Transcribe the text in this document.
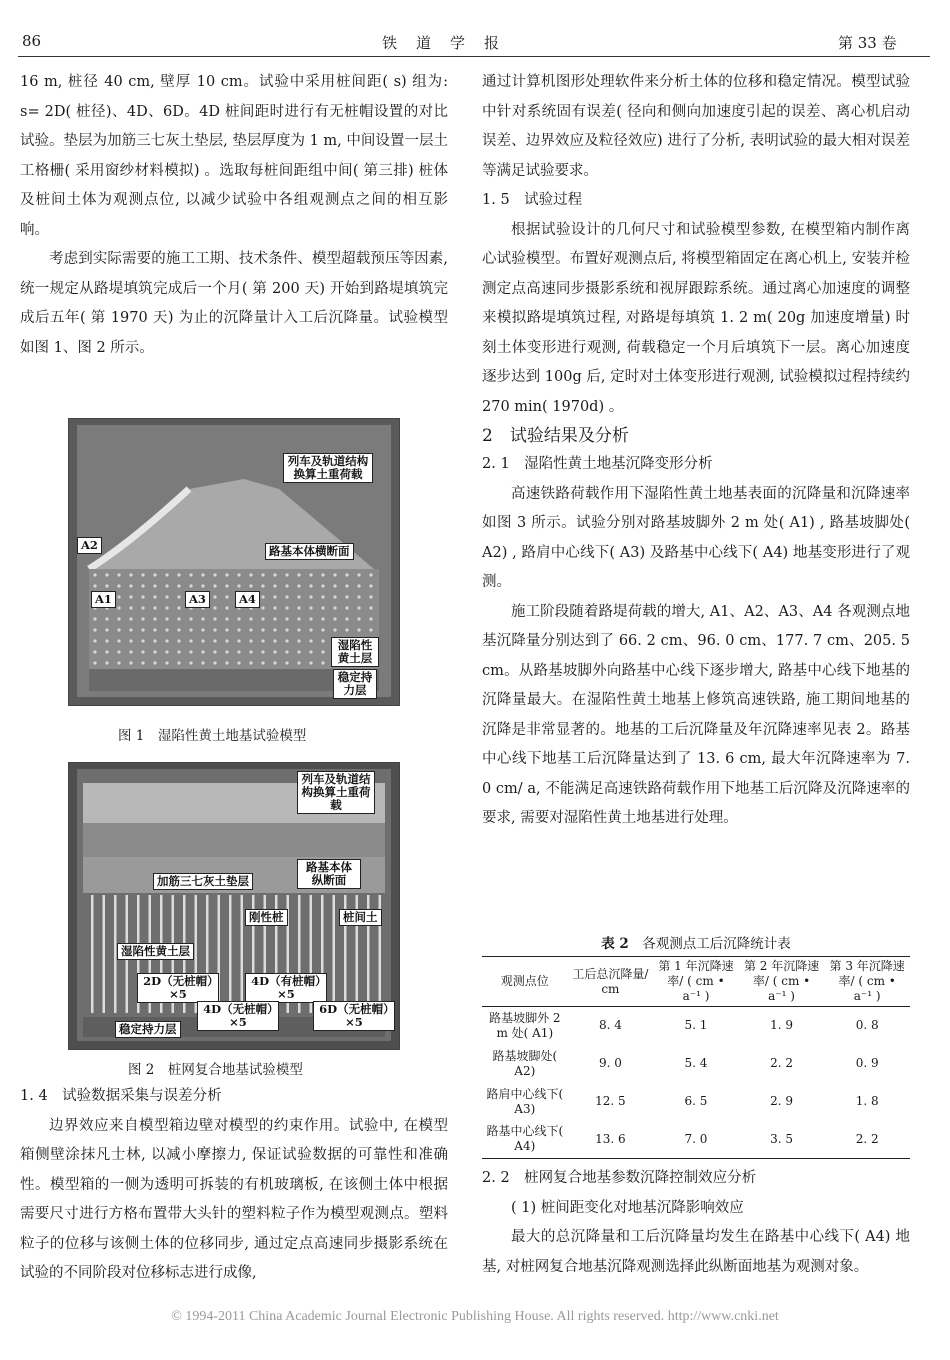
86	铁　道　学　报	第 33 卷

16 m, 桩径 40 cm, 壁厚 10 cm。试验中采用桩间距( s) 组为: s= 2D( 桩径)、4D、6D。4D 桩间距时进行有无桩帽设置的对比试验。垫层为加筋三七灰土垫层, 垫层厚度为 1 m, 中间设置一层土工格栅( 采用窗纱材料模拟) 。选取每桩间距组中间( 第三排) 桩体及桩间土体为观测点位, 以减少试验中各组观测点之间的相互影响。

考虑到实际需要的施工工期、技术条件、模型超载预压等因素, 统一规定从路堤填筑完成后一个月( 第 200 天) 开始到路堤填筑完成后五年( 第 1970 天) 为止的沉降量计入工后沉降量。试验模型如图 1、图 2 所示。

列车及轨道结构换算土重荷载
路基本体横断面
A2
A1	A3	A4
湿陷性黄土层
稳定持力层
图 1　湿陷性黄土地基试验模型
列车及轨道结构换算土重荷载
路基本体纵断面
加筋三七灰土垫层
刚性桩	桩间土
湿陷性黄土层
2D（无桩帽）×5
4D（有桩帽）×5
4D（无桩帽）×5
6D（无桩帽）×5
稳定持力层
图 2　桩网复合地基试验模型

1. 4　试验数据采集与误差分析

边界效应来自模型箱边壁对模型的约束作用。试验中, 在模型箱侧壁涂抹凡士林, 以减小摩擦力, 保证试验数据的可靠性和准确性。模型箱的一侧为透明可拆装的有机玻璃板, 在该侧土体中根据需要尺寸进行方格布置带大头针的塑料粒子作为模型观测点。塑料粒子的位移与该侧土体的位移同步, 通过定点高速同步摄影系统在试验的不同阶段对位移标志进行成像,

通过计算机图形处理软件来分析土体的位移和稳定情况。模型试验中针对系统固有误差( 径向和侧向加速度引起的误差、离心机启动误差、边界效应及粒径效应) 进行了分析, 表明试验的最大相对误差等满足试验要求。

1. 5　试验过程

根据试验设计的几何尺寸和试验模型参数, 在模型箱内制作离心试验模型。布置好观测点后, 将模型箱固定在离心机上, 安装并检测定点高速同步摄影系统和视屏跟踪系统。通过离心加速度的调整来模拟路堤填筑过程, 对路堤每填筑 1. 2 m( 20g 加速度增量) 时刻土体变形进行观测, 荷载稳定一个月后填筑下一层。离心加速度逐步达到 100g 后, 定时对土体变形进行观测, 试验模拟过程持续约 270 min( 1970d) 。

2　试验结果及分析

2. 1　湿陷性黄土地基沉降变形分析

高速铁路荷载作用下湿陷性黄土地基表面的沉降量和沉降速率如图 3 所示。试验分别对路基坡脚外 2 m 处( A1) , 路基坡脚处( A2) , 路肩中心线下( A3) 及路基中心线下( A4) 地基变形进行了观测。

施工阶段随着路堤荷载的增大, A1、A2、A3、A4 各观测点地基沉降量分别达到了 66. 2 cm、96. 0 cm、177. 7 cm、205. 5 cm。从路基坡脚外向路基中心线下逐步增大, 路基中心线下地基的沉降量最大。在湿陷性黄土地基上修筑高速铁路, 施工期间地基的沉降是非常显著的。地基的工后沉降量及年沉降速率见表 2。路基中心线下地基工后沉降量达到了 13. 6 cm, 最大年沉降速率为 7. 0 cm/ a, 不能满足高速铁路荷载作用下地基工后沉降及沉降速率的要求, 需要对湿陷性黄土地基进行处理。

表 2　 各观测点工后沉降统计表
观测点位	工后总沉降量/ cm	第 1 年沉降速率/ ( cm • a⁻¹ )	第 2 年沉降速率/ ( cm • a⁻¹ )	第 3 年沉降速率/ ( cm • a⁻¹ )
路基坡脚外 2 m 处( A1)	8. 4	5. 1	1. 9	0. 8
路基坡脚处( A2)	9. 0	5. 4	2. 2	0. 9
路肩中心线下( A3)	12. 5	6. 5	2. 9	1. 8
路基中心线下( A4)	13. 6	7. 0	3. 5	2. 2

2. 2　桩网复合地基参数沉降控制效应分析

( 1) 桩间距变化对地基沉降影响效应

最大的总沉降量和工后沉降量均发生在路基中心线下( A4) 地基, 对桩网复合地基沉降观测选择此纵断面地基为观测对象。

© 1994-2011 China Academic Journal Electronic Publishing House. All rights reserved. http://www.cnki.net
